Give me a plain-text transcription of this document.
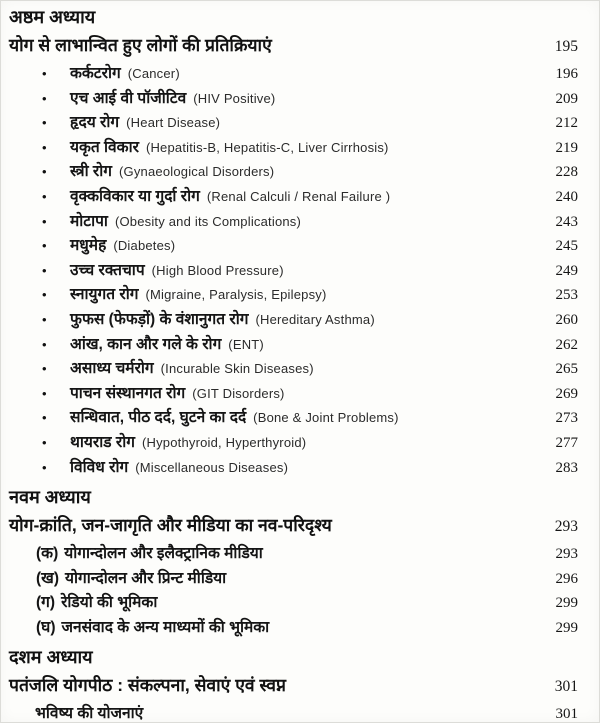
अष्ठम अध्याय
योग से लाभान्वित हुए लोगों की प्रतिक्रियाएं	195
•	कर्कटरोग (Cancer)	196
•	एच आई वी पॉजीटिव (HIV Positive)	209
•	हृदय रोग (Heart Disease)	212
•	यकृत विकार (Hepatitis-B, Hepatitis-C, Liver Cirrhosis)	219
•	स्त्री रोग (Gynaeological Disorders)	228
•	वृक्कविकार या गुर्दा रोग (Renal Calculi / Renal Failure )	240
•	मोटापा (Obesity and its Complications)	243
•	मधुमेह (Diabetes)	245
•	उच्च रक्तचाप (High Blood Pressure)	249
•	स्नायुगत रोग (Migraine, Paralysis, Epilepsy)	253
•	फुफस (फेफड़ों) के वंशानुगत रोग (Hereditary Asthma)	260
•	आंख, कान और गले के रोग (ENT)	262
•	असाध्य चर्मरोग (Incurable Skin Diseases)	265
•	पाचन संस्थानगत रोग (GIT Disorders)	269
•	सन्धिवात, पीठ दर्द, घुटने का दर्द (Bone & Joint Problems)	273
•	थायराड रोग (Hypothyroid, Hyperthyroid)	277
•	विविध रोग (Miscellaneous Diseases)	283
नवम अध्याय
योग-क्रांति, जन-जागृति और मीडिया का नव-परिदृश्य	293
(क) योगान्दोलन और इलैक्ट्रानिक मीडिया	293
(ख) योगान्दोलन और प्रिन्ट मीडिया	296
(ग) रेडियो की भूमिका	299
(घ) जनसंवाद के अन्य माध्यमों की भूमिका	299
दशम अध्याय
पतंजलि योगपीठ : संकल्पना, सेवाएं एवं स्वप्न	301
भविष्य की योजनाएं	301
